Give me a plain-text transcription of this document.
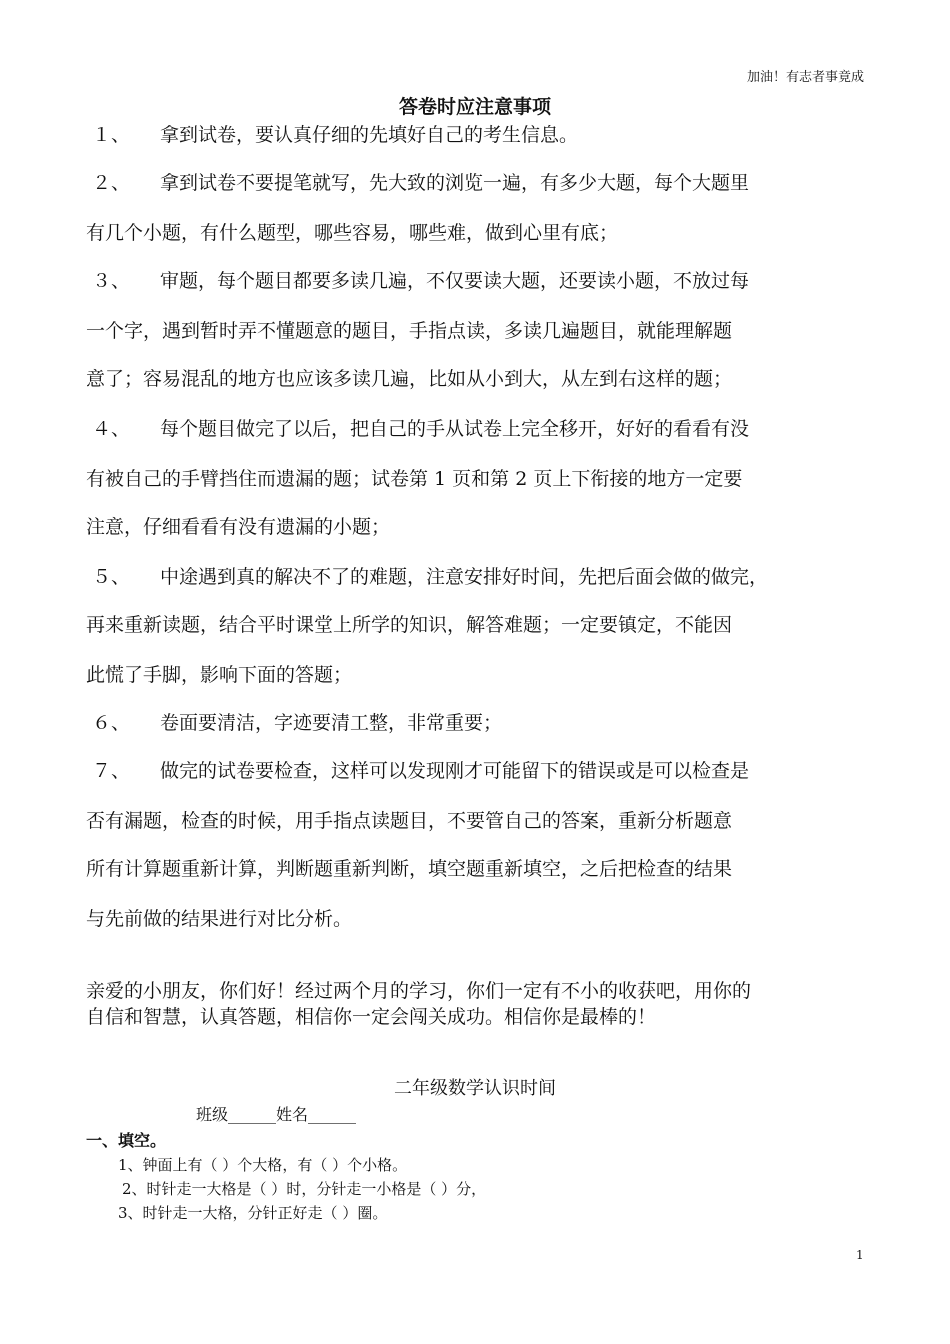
加油！有志者事竟成
答卷时应注意事项
１、 拿到试卷，要认真仔细的先填好自己的考生信息。
２、 拿到试卷不要提笔就写，先大致的浏览一遍，有多少大题，每个大题里
有几个小题，有什么题型，哪些容易，哪些难，做到心里有底；
３、 审题，每个题目都要多读几遍，不仅要读大题，还要读小题，不放过每
一个字，遇到暂时弄不懂题意的题目，手指点读，多读几遍题目，就能理解题
意了；容易混乱的地方也应该多读几遍，比如从小到大，从左到右这样的题；
４、 每个题目做完了以后，把自己的手从试卷上完全移开，好好的看看有没
有被自己的手臂挡住而遗漏的题；试卷第 1 页和第 2 页上下衔接的地方一定要
注意，仔细看看有没有遗漏的小题；
５、 中途遇到真的解决不了的难题，注意安排好时间，先把后面会做的做完，
再来重新读题，结合平时课堂上所学的知识，解答难题；一定要镇定，不能因
此慌了手脚，影响下面的答题；
６、 卷面要清洁，字迹要清工整，非常重要；
７、 做完的试卷要检查，这样可以发现刚才可能留下的错误或是可以检查是
否有漏题，检查的时候，用手指点读题目，不要管自己的答案，重新分析题意
所有计算题重新计算，判断题重新判断，填空题重新填空，之后把检查的结果
与先前做的结果进行对比分析。
亲爱的小朋友，你们好！经过两个月的学习，你们一定有不小的收获吧，用你的
自信和智慧，认真答题，相信你一定会闯关成功。相信你是最棒的！
二年级数学认识时间
班级______姓名______
一、填空。
1、钟面上有（ ）个大格，有（ ）个小格。
2、时针走一大格是（ ）时，分针走一小格是（ ）分，
3、时针走一大格，分针正好走（ ）圈。
1
